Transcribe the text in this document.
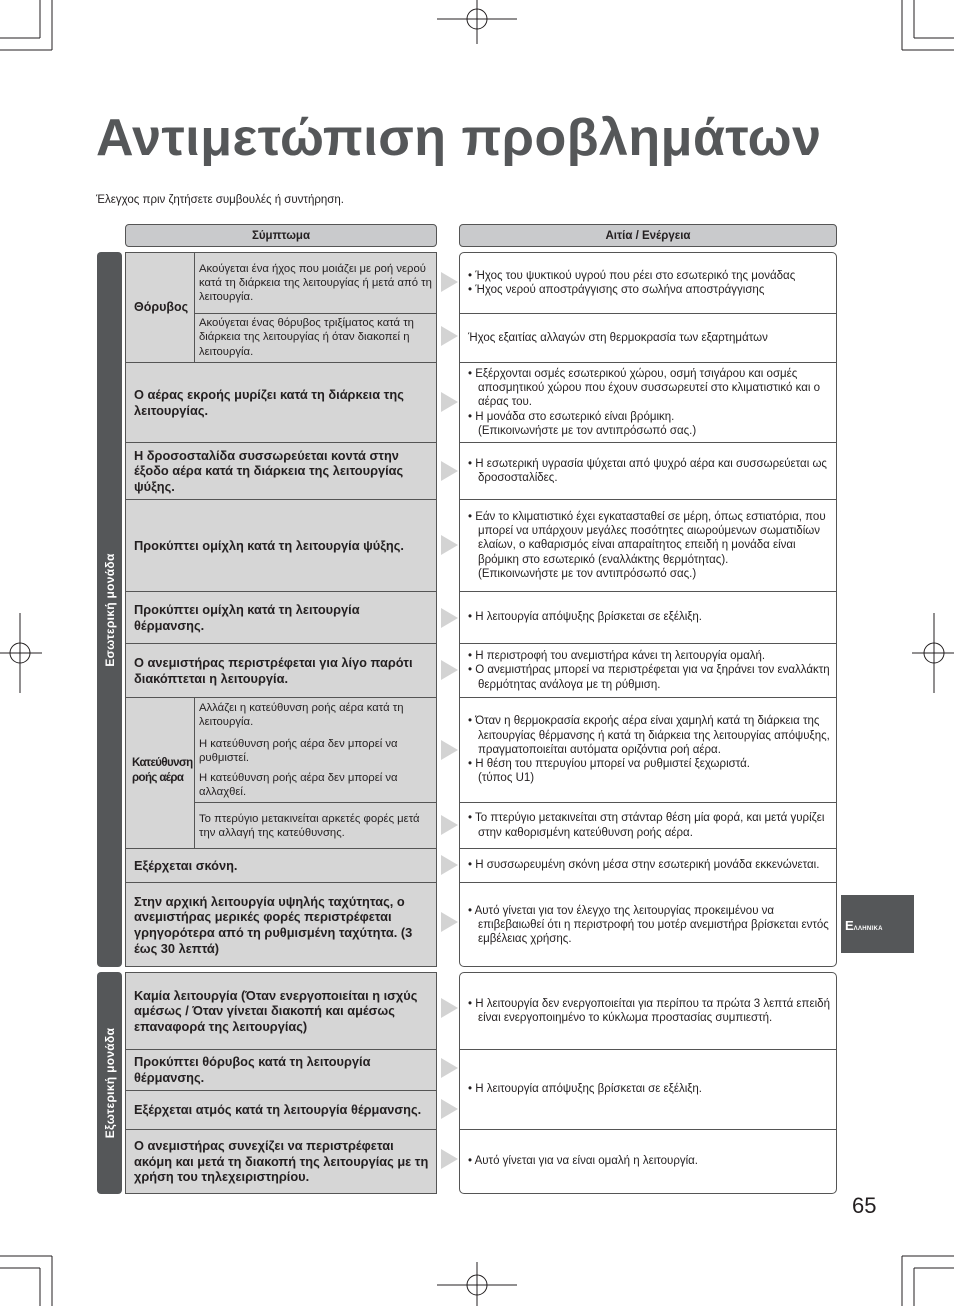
Αντιμετώπιση προβλημάτων
Έλεγχος πριν ζητήσετε συμβουλές ή συντήρηση.
Σύμπτωμα	Αιτία / Ενέργεια
Εσωτερική μονάδα
Θόρυβος
Ακούγεται ένα ήχος που μοιάζει με ροή νερού κατά τη διάρκεια της λειτουργίας ή μετά από τη λειτουργία.
Ακούγεται ένας θόρυβος τριξίματος κατά τη διάρκεια της λειτουργίας ή όταν διακοπεί η λειτουργία.
Ο αέρας εκροής μυρίζει κατά τη διάρκεια της λειτουργίας.
Η δροσοσταλίδα συσσωρεύεται κοντά στην έξοδο αέρα κατά τη διάρκεια της λειτουργίας ψύξης.
Προκύπτει ομίχλη κατά τη λειτουργία ψύξης.
Προκύπτει ομίχλη κατά τη λειτουργία θέρμανσης.
Ο ανεμιστήρας περιστρέφεται για λίγο παρότι διακόπτεται η λειτουργία.
Κατεύθυνση
ροής αέρα
Αλλάζει η κατεύθυνση ροής αέρα κατά τη λειτουργία.
Η κατεύθυνση ροής αέρα δεν μπορεί να ρυθμιστεί.
Η κατεύθυνση ροής αέρα δεν μπορεί να αλλαχθεί.
Το πτερύγιο μετακινείται αρκετές φορές μετά την αλλαγή της κατεύθυνσης.
Εξέρχεται σκόνη.
Στην αρχική λειτουργία υψηλής ταχύτητας, ο ανεμιστήρας μερικές φορές περιστρέφεται γρηγορότερα από τη ρυθμισμένη ταχύτητα. (3 έως 30 λεπτά)
• Ήχος του ψυκτικού υγρού που ρέει στο εσωτερικό της μονάδας
• Ήχος νερού αποστράγγισης στο σωλήνα αποστράγγισης
Ήχος εξαιτίας αλλαγών στη θερμοκρασία των εξαρτημάτων
• Εξέρχονται οσμές εσωτερικού χώρου, οσμή τσιγάρου και οσμές αποσμητικού χώρου που έχουν συσσωρευτεί στο κλιματιστικό και ο αέρας του.
• Η μονάδα στο εσωτερικό είναι βρόμικη.
(Επικοινωνήστε με τον αντιπρόσωπό σας.)
• Η εσωτερική υγρασία ψύχεται από ψυχρό αέρα και συσσωρεύεται ως δροσοσταλίδες.
• Εάν το κλιματιστικό έχει εγκατασταθεί σε μέρη, όπως εστιατόρια, που μπορεί να υπάρχουν μεγάλες ποσότητες αιωρούμενων σωματιδίων ελαίων, ο καθαρισμός είναι απαραίτητος επειδή η μονάδα είναι βρόμικη στο εσωτερικό (εναλλάκτης θερμότητας).
(Επικοινωνήστε με τον αντιπρόσωπό σας.)
• Η λειτουργία απόψυξης βρίσκεται σε εξέλιξη.
• Η περιστροφή του ανεμιστήρα κάνει τη λειτουργία ομαλή.
• Ο ανεμιστήρας μπορεί να περιστρέφεται για να ξηράνει τον εναλλάκτη θερμότητας ανάλογα με τη ρύθμιση.
• Όταν η θερμοκρασία εκροής αέρα είναι χαμηλή κατά τη διάρκεια της λειτουργίας θέρμανσης ή κατά τη διάρκεια της λειτουργίας απόψυξης, πραγματοποιείται αυτόματα οριζόντια ροή αέρα.
• Η θέση του πτερυγίου μπορεί να ρυθμιστεί ξεχωριστά.
(τύπος U1)
• Το πτερύγιο μετακινείται στη στάνταρ θέση μία φορά, και μετά γυρίζει στην καθορισμένη κατεύθυνση ροής αέρα.
• Η συσσωρευμένη σκόνη μέσα στην εσωτερική μονάδα εκκενώνεται.
• Αυτό γίνεται για τον έλεγχο της λειτουργίας προκειμένου να επιβεβαιωθεί ότι η περιστροφή του μοτέρ ανεμιστήρα βρίσκεται εντός εμβέλειας χρήσης.
Εξωτερική μονάδα
Καμία λειτουργία (Όταν ενεργοποιείται η ισχύς αμέσως / Όταν γίνεται διακοπή και αμέσως επαναφορά της λειτουργίας)
Προκύπτει θόρυβος κατά τη λειτουργία θέρμανσης.
Εξέρχεται ατμός κατά τη λειτουργία θέρμανσης.
Ο ανεμιστήρας συνεχίζει να περιστρέφεται ακόμη και μετά τη διακοπή της λειτουργίας με τη χρήση του τηλεχειριστηρίου.
• Η λειτουργία δεν ενεργοποιείται για περίπου τα πρώτα 3 λεπτά επειδή είναι ενεργοποιημένο το κύκλωμα προστασίας συμπιεστή.
• Η λειτουργία απόψυξης βρίσκεται σε εξέλιξη.
• Αυτό γίνεται για να είναι ομαλή η λειτουργία.
EΛΛΗΝΙΚΑ
65
